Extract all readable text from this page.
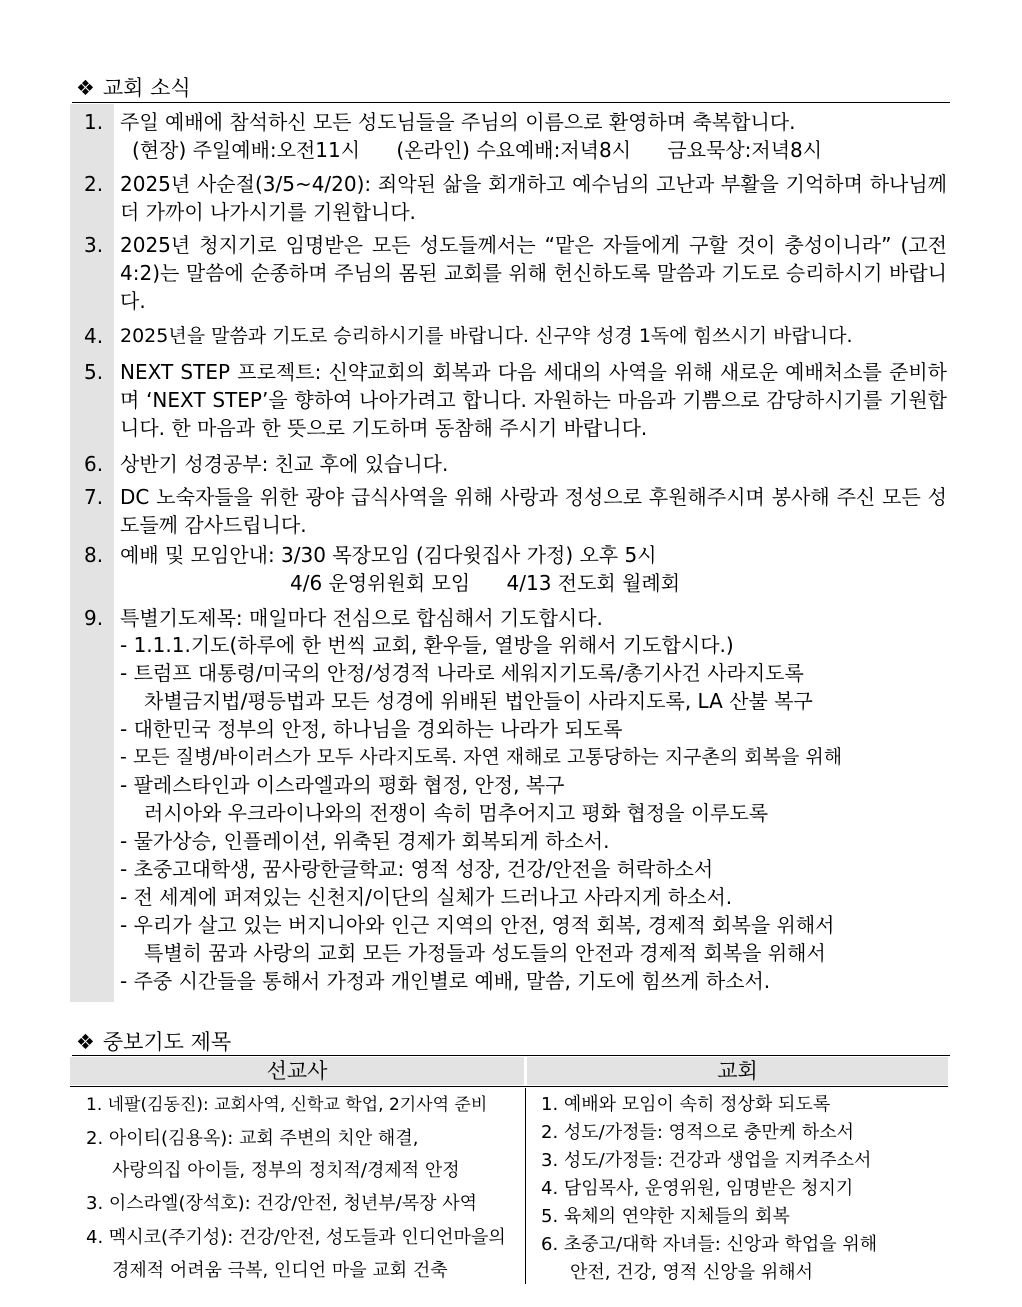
❖ 교회 소식
1. 주일 예배에 참석하신 모든 성도님들을 주님의 이름으로 환영하며 축복합니다.
(현장) 주일예배:오전11시 (온라인) 수요예배:저녁8시 금요묵상:저녁8시
2. 2025년 사순절(3/5~4/20): 죄악된 삶을 회개하고 예수님의 고난과 부활을 기억하며 하나님께 더 가까이 나가시기를 기원합니다.
3. 2025년 청지기로 임명받은 모든 성도들께서는 “맡은 자들에게 구할 것이 충성이니라” (고전4:2)는 말씀에 순종하며 주님의 몸된 교회를 위해 헌신하도록 말씀과 기도로 승리하시기 바랍니다.
4. 2025년을 말씀과 기도로 승리하시기를 바랍니다. 신구약 성경 1독에 힘쓰시기 바랍니다.
5. NEXT STEP 프로젝트: 신약교회의 회복과 다음 세대의 사역을 위해 새로운 예배처소를 준비하며 ‘NEXT STEP’을 향하여 나아가려고 합니다. 자원하는 마음과 기쁨으로 감당하시기를 기원합니다. 한 마음과 한 뜻으로 기도하며 동참해 주시기 바랍니다.
6. 상반기 성경공부: 친교 후에 있습니다.
7. DC 노숙자들을 위한 광야 급식사역을 위해 사랑과 정성으로 후원해주시며 봉사해 주신 모든 성도들께 감사드립니다.
8. 예배 및 모임안내: 3/30 목장모임 (김다윗집사 가정) 오후 5시
4/6 운영위원회 모임 4/13 전도회 월례회
9. 특별기도제목: 매일마다 전심으로 합심해서 기도합시다.
- 1.1.1.기도(하루에 한 번씩 교회, 환우들, 열방을 위해서 기도합시다.)
- 트럼프 대통령/미국의 안정/성경적 나라로 세워지기도록/총기사건 사라지도록
차별금지법/평등법과 모든 성경에 위배된 법안들이 사라지도록, LA 산불 복구
- 대한민국 정부의 안정, 하나님을 경외하는 나라가 되도록
- 모든 질병/바이러스가 모두 사라지도록. 자연 재해로 고통당하는 지구촌의 회복을 위해
- 팔레스타인과 이스라엘과의 평화 협정, 안정, 복구
러시아와 우크라이나와의 전쟁이 속히 멈추어지고 평화 협정을 이루도록
- 물가상승, 인플레이션, 위축된 경제가 회복되게 하소서.
- 초중고대학생, 꿈사랑한글학교: 영적 성장, 건강/안전을 허락하소서
- 전 세계에 퍼져있는 신천지/이단의 실체가 드러나고 사라지게 하소서.
- 우리가 살고 있는 버지니아와 인근 지역의 안전, 영적 회복, 경제적 회복을 위해서
특별히 꿈과 사랑의 교회 모든 가정들과 성도들의 안전과 경제적 회복을 위해서
- 주중 시간들을 통해서 가정과 개인별로 예배, 말씀, 기도에 힘쓰게 하소서.
❖ 중보기도 제목
선교사	교회
1. 네팔(김동진): 교회사역, 신학교 학업, 2기사역 준비
2. 아이티(김용옥): 교회 주변의 치안 해결,
사랑의집 아이들, 정부의 정치적/경제적 안정
3. 이스라엘(장석호): 건강/안전, 청년부/목장 사역
4. 멕시코(주기성): 건강/안전, 성도들과 인디언마을의
경제적 어려움 극복, 인디언 마을 교회 건축
1. 예배와 모임이 속히 정상화 되도록
2. 성도/가정들: 영적으로 충만케 하소서
3. 성도/가정들: 건강과 생업을 지켜주소서
4. 담임목사, 운영위원, 임명받은 청지기
5. 육체의 연약한 지체들의 회복
6. 초중고/대학 자녀들: 신앙과 학업을 위해
안전, 건강, 영적 신앙을 위해서
